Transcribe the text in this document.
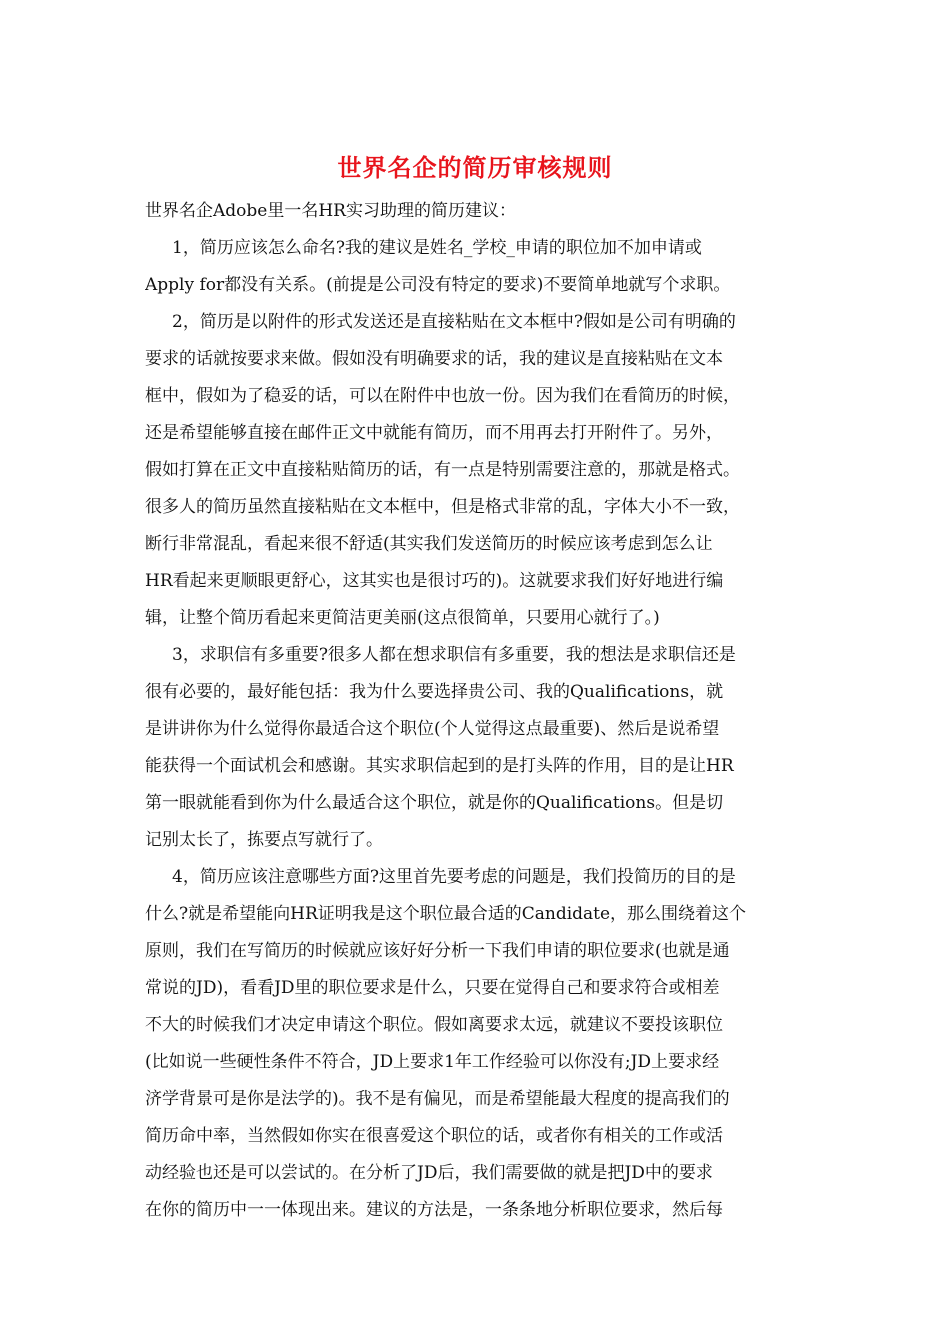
世界名企的简历审核规则
世界名企Adobe里一名HR实习助理的简历建议：
1，简历应该怎么命名?我的建议是姓名_学校_申请的职位加不加申请或
Apply for都没有关系。(前提是公司没有特定的要求)不要简单地就写个求职。
2，简历是以附件的形式发送还是直接粘贴在文本框中?假如是公司有明确的
要求的话就按要求来做。假如没有明确要求的话，我的建议是直接粘贴在文本
框中，假如为了稳妥的话，可以在附件中也放一份。因为我们在看简历的时候，
还是希望能够直接在邮件正文中就能有简历，而不用再去打开附件了。另外，
假如打算在正文中直接粘贴简历的话，有一点是特别需要注意的，那就是格式。
很多人的简历虽然直接粘贴在文本框中，但是格式非常的乱，字体大小不一致，
断行非常混乱，看起来很不舒适(其实我们发送简历的时候应该考虑到怎么让
HR看起来更顺眼更舒心，这其实也是很讨巧的)。这就要求我们好好地进行编
辑，让整个简历看起来更简洁更美丽(这点很简单，只要用心就行了。)
3，求职信有多重要?很多人都在想求职信有多重要，我的想法是求职信还是
很有必要的，最好能包括：我为什么要选择贵公司、我的Qualifications，就
是讲讲你为什么觉得你最适合这个职位(个人觉得这点最重要)、然后是说希望
能获得一个面试机会和感谢。其实求职信起到的是打头阵的作用，目的是让HR
第一眼就能看到你为什么最适合这个职位，就是你的Qualifications。但是切
记别太长了，拣要点写就行了。
4，简历应该注意哪些方面?这里首先要考虑的问题是，我们投简历的目的是
什么?就是希望能向HR证明我是这个职位最合适的Candidate，那么围绕着这个
原则，我们在写简历的时候就应该好好分析一下我们申请的职位要求(也就是通
常说的JD)，看看JD里的职位要求是什么，只要在觉得自己和要求符合或相差
不大的时候我们才决定申请这个职位。假如离要求太远，就建议不要投该职位
(比如说一些硬性条件不符合，JD上要求1年工作经验可以你没有;JD上要求经
济学背景可是你是法学的)。我不是有偏见，而是希望能最大程度的提高我们的
简历命中率，当然假如你实在很喜爱这个职位的话，或者你有相关的工作或活
动经验也还是可以尝试的。在分析了JD后，我们需要做的就是把JD中的要求
在你的简历中一一体现出来。建议的方法是，一条条地分析职位要求，然后每
